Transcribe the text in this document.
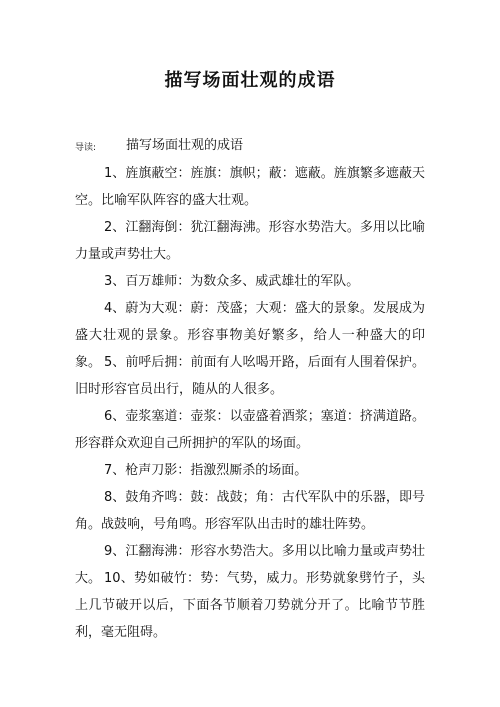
描写场面壮观的成语
导读: 描写场面壮观的成语

1、旌旗蔽空：旌旗：旗帜；蔽：遮蔽。旌旗繁多遮蔽天空。比喻军队阵容的盛大壮观。

2、江翻海倒：犹江翻海沸。形容水势浩大。多用以比喻力量或声势壮大。

3、百万雄师：为数众多、威武雄壮的军队。

4、蔚为大观：蔚：茂盛；大观：盛大的景象。发展成为盛大壮观的景象。形容事物美好繁多，给人一种盛大的印象。 5、前呼后拥：前面有人吆喝开路，后面有人围着保护。旧时形容官员出行，随从的人很多。

6、壶浆塞道：壶浆：以壶盛着酒浆；塞道：挤满道路。形容群众欢迎自己所拥护的军队的场面。

7、枪声刀影：指激烈厮杀的场面。

8、鼓角齐鸣：鼓：战鼓；角：古代军队中的乐器，即号角。战鼓响，号角鸣。形容军队出击时的雄壮阵势。

9、江翻海沸：形容水势浩大。多用以比喻力量或声势壮大。 10、势如破竹：势：气势，威力。形势就象劈竹子，头上几节破开以后，下面各节顺着刀势就分开了。比喻节节胜利，毫无阻碍。
